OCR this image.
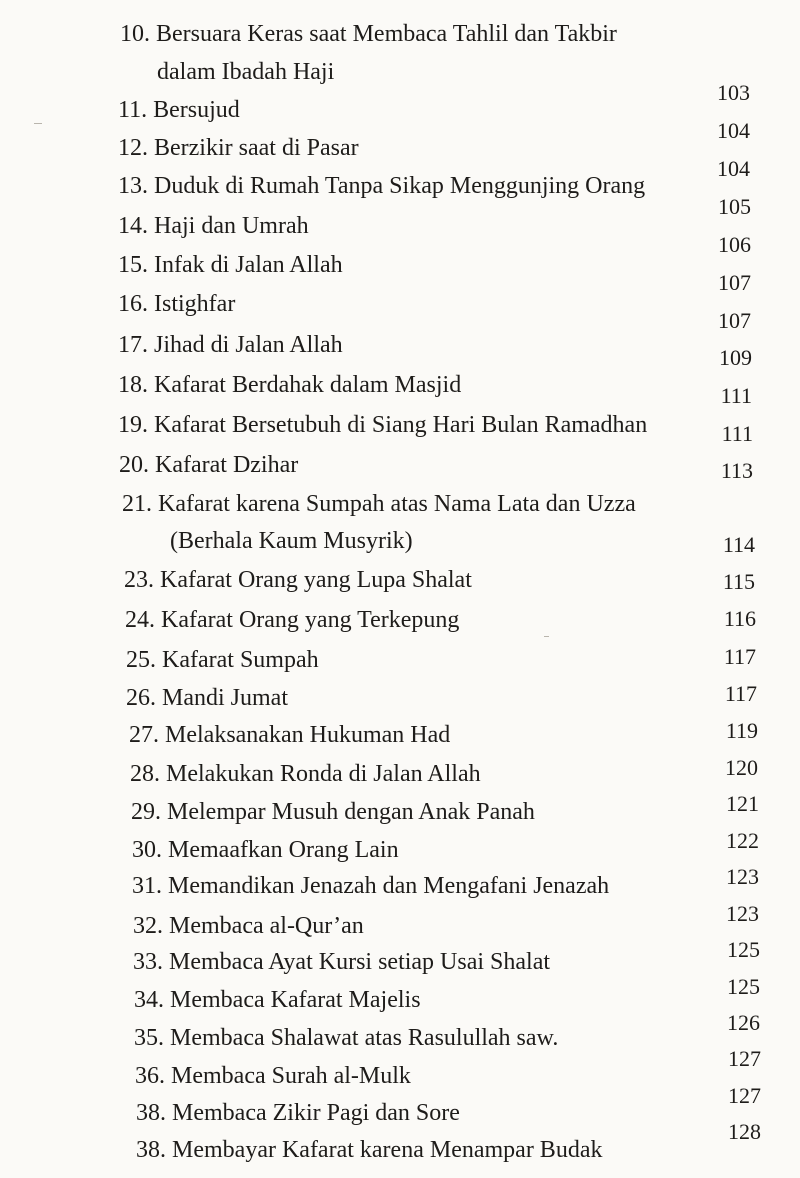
10. Bersuara Keras saat Membaca Tahlil dan Takbir
dalam Ibadah Haji
11. Bersujud
12. Berzikir saat di Pasar
13. Duduk di Rumah Tanpa Sikap Menggunjing Orang
14. Haji dan Umrah
15. Infak di Jalan Allah
16. Istighfar
17. Jihad di Jalan Allah
18. Kafarat Berdahak dalam Masjid
19. Kafarat Bersetubuh di Siang Hari Bulan Ramadhan
20. Kafarat Dzihar
21. Kafarat karena Sumpah atas Nama Lata dan Uzza
(Berhala Kaum Musyrik)
23. Kafarat Orang yang Lupa Shalat
24. Kafarat Orang yang Terkepung
25. Kafarat Sumpah
26. Mandi Jumat
27. Melaksanakan Hukuman Had
28. Melakukan Ronda di Jalan Allah
29. Melempar Musuh dengan Anak Panah
30. Memaafkan Orang Lain
31. Memandikan Jenazah dan Mengafani Jenazah
32. Membaca al-Qur’an
33. Membaca Ayat Kursi setiap Usai Shalat
34. Membaca Kafarat Majelis
35. Membaca Shalawat atas Rasulullah saw.
36. Membaca Surah al-Mulk
38. Membaca Zikir Pagi dan Sore
38. Membayar Kafarat karena Menampar Budak
103
104
104
105
106
107
107
109
111
111
113
114
115
116
117
117
119
120
121
122
123
123
125
125
126
127
127
128
